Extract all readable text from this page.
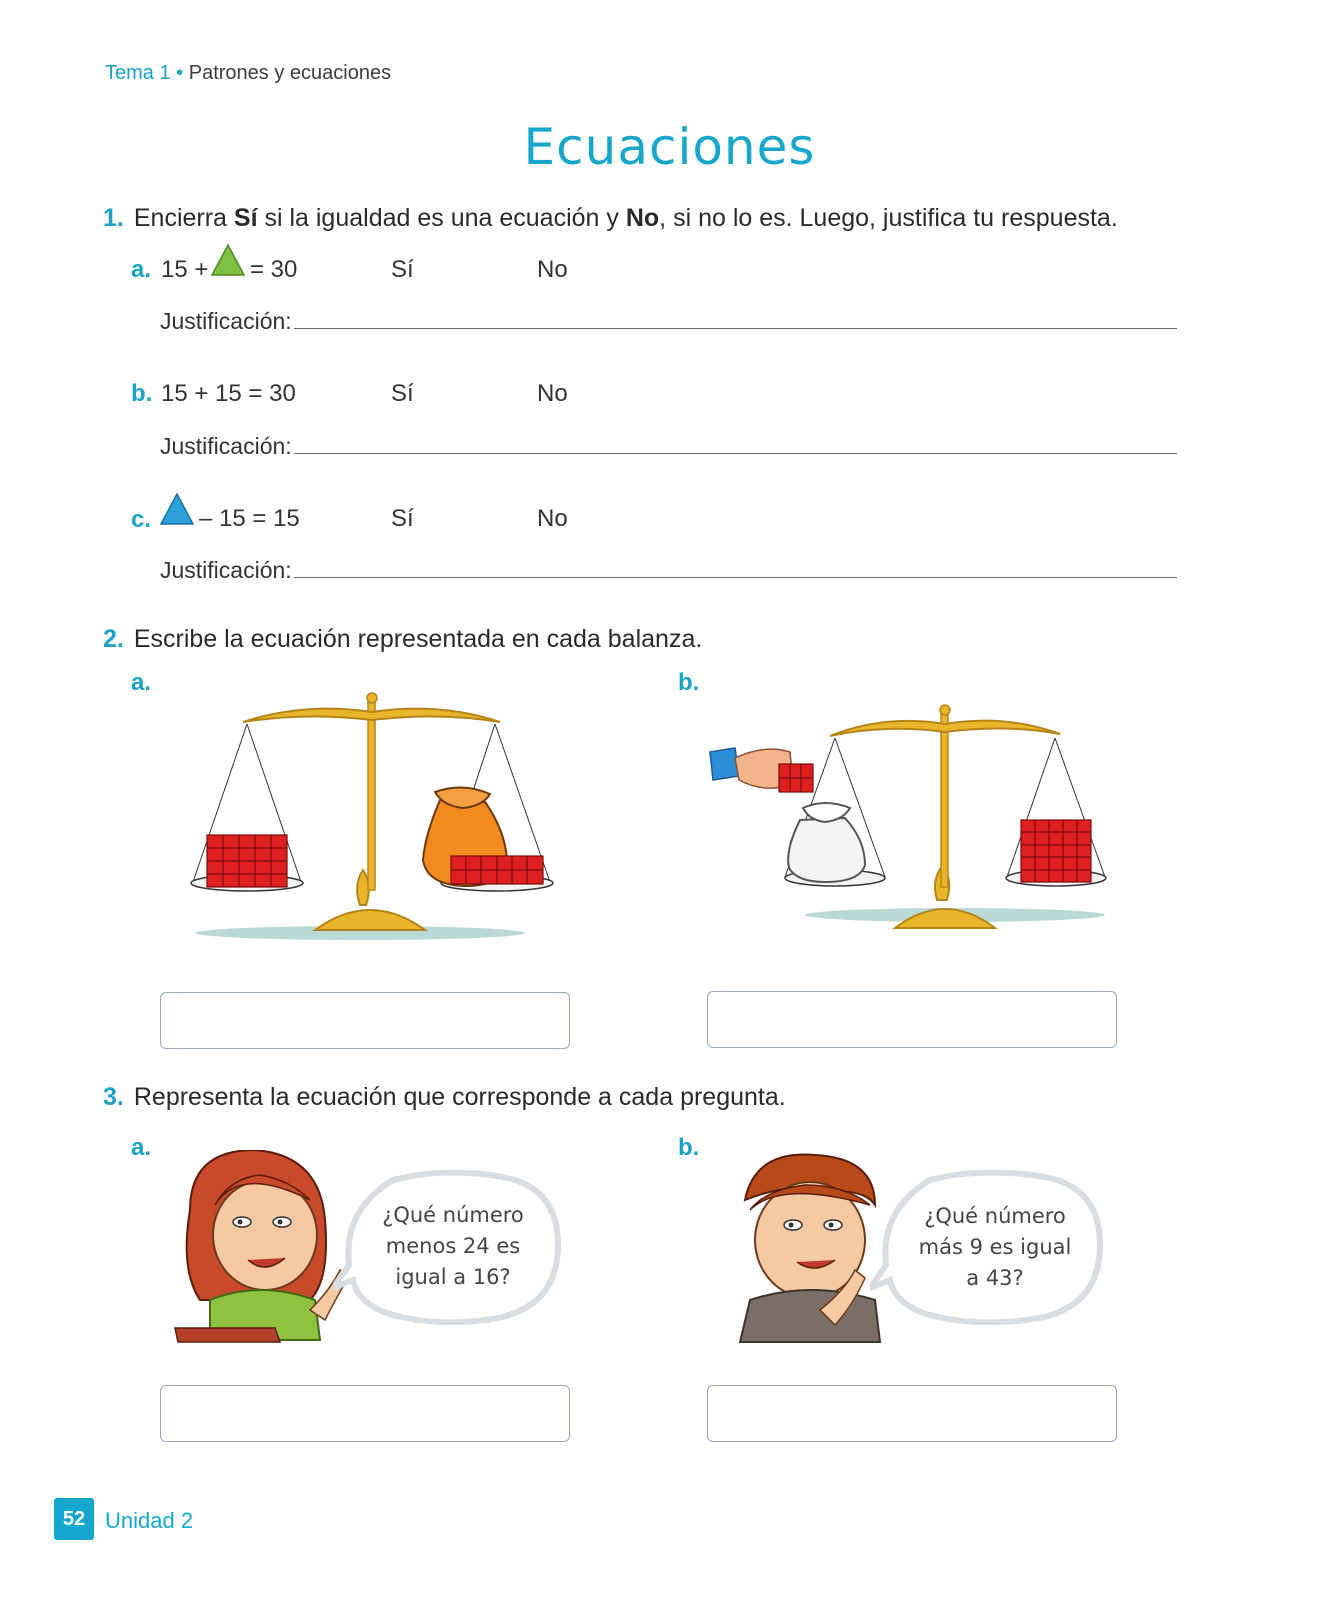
Tema 1 • Patrones y ecuaciones
Ecuaciones
1. Encierra Sí si la igualdad es una ecuación y No, si no lo es. Luego, justifica tu respuesta.
a. 15 + = 30	Sí	No
Justificación:
b. 15 + 15 = 30	Sí	No
Justificación:
c. – 15 = 15	Sí	No
Justificación:
2. Escribe la ecuación representada en cada balanza.
a.	b.
3. Representa la ecuación que corresponde a cada pregunta.
a.	b.
¿Qué número
menos 24 es
igual a 16?
¿Qué número
más 9 es igual
a 43?
52 Unidad 2
